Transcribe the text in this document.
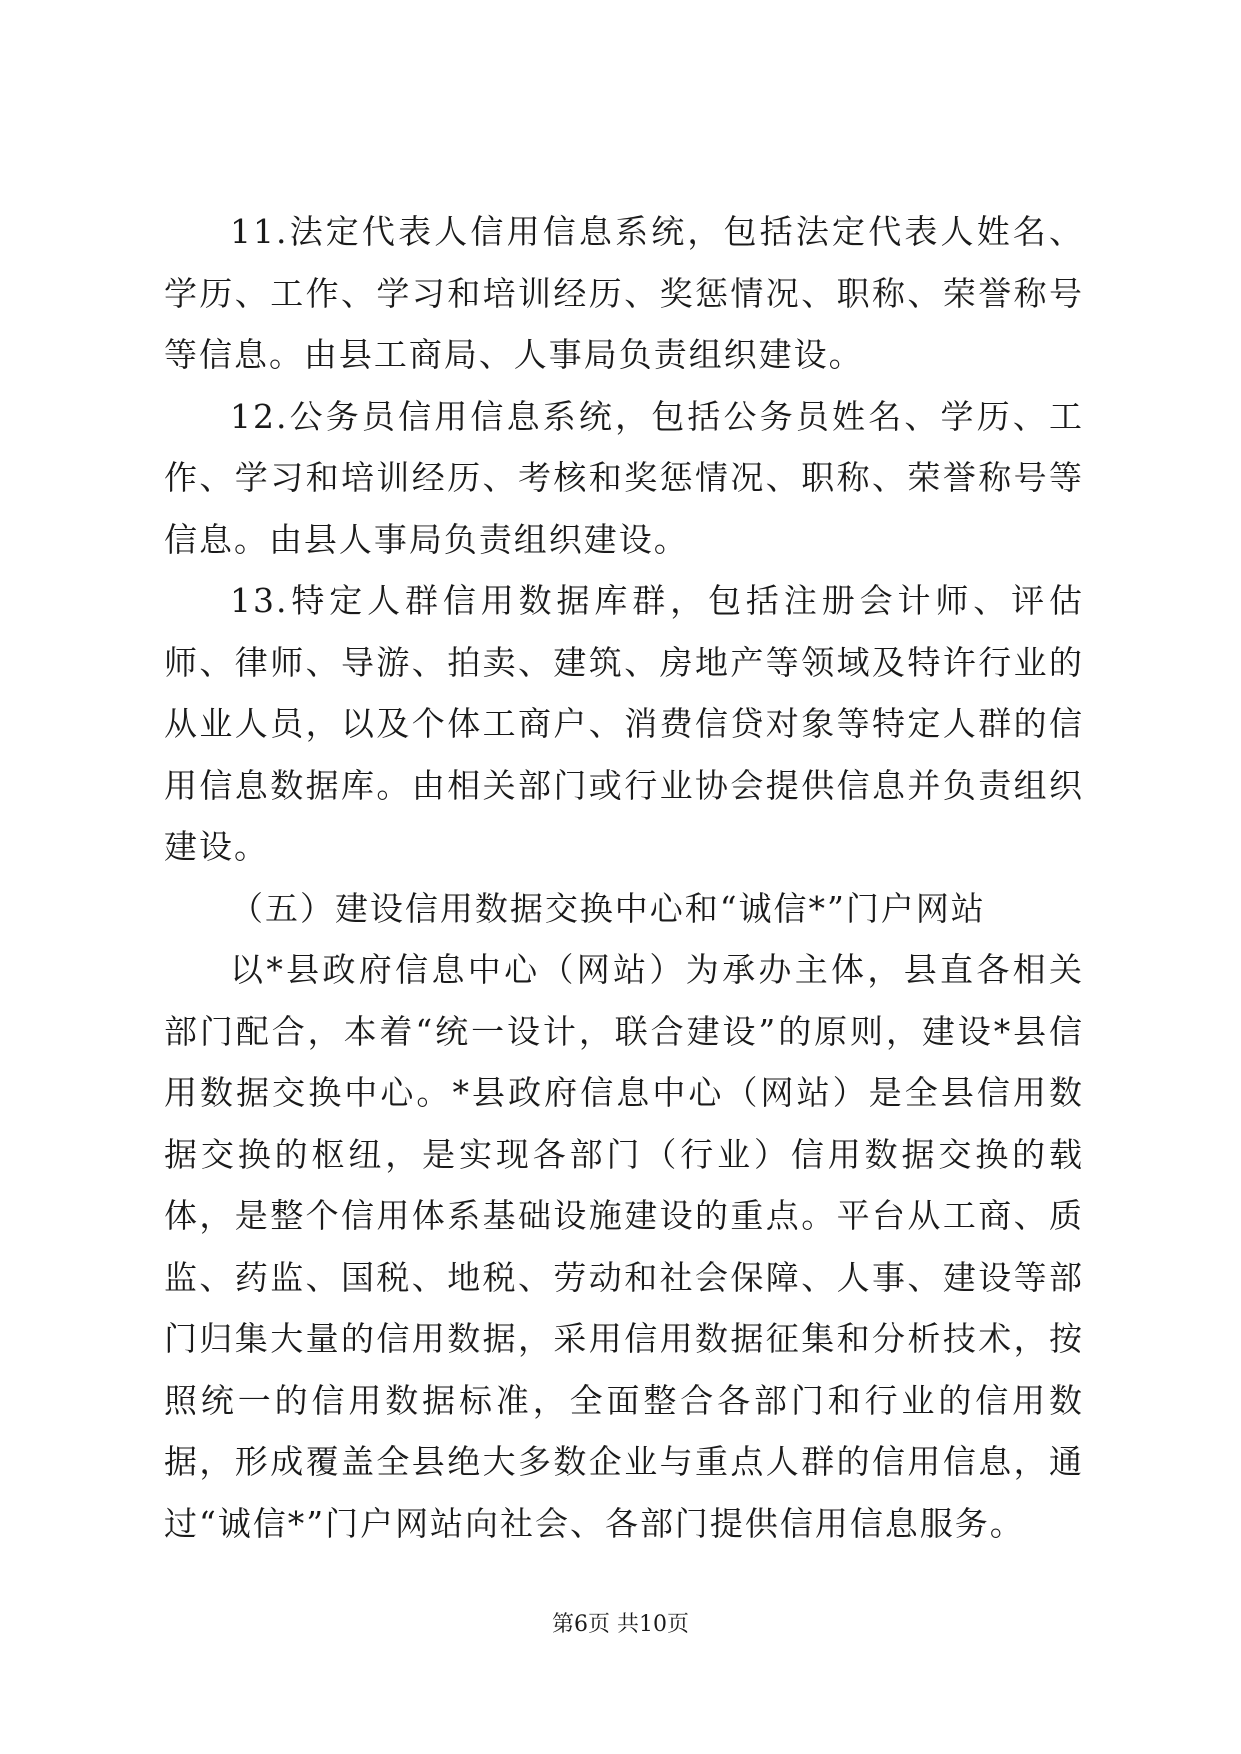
11.法定代表人信用信息系统，包括法定代表人姓名、学历、工作、学习和培训经历、奖惩情况、职称、荣誉称号等信息。由县工商局、人事局负责组织建设。

12.公务员信用信息系统，包括公务员姓名、学历、工作、学习和培训经历、考核和奖惩情况、职称、荣誉称号等信息。由县人事局负责组织建设。

13.特定人群信用数据库群，包括注册会计师、评估师、律师、导游、拍卖、建筑、房地产等领域及特许行业的从业人员，以及个体工商户、消费信贷对象等特定人群的信用信息数据库。由相关部门或行业协会提供信息并负责组织建设。

（五）建设信用数据交换中心和“诚信*”门户网站

以*县政府信息中心（网站）为承办主体，县直各相关部门配合，本着“统一设计，联合建设”的原则，建设*县信用数据交换中心。*县政府信息中心（网站）是全县信用数据交换的枢纽，是实现各部门（行业）信用数据交换的载体，是整个信用体系基础设施建设的重点。平台从工商、质监、药监、国税、地税、劳动和社会保障、人事、建设等部门归集大量的信用数据，采用信用数据征集和分析技术，按照统一的信用数据标准，全面整合各部门和行业的信用数据，形成覆盖全县绝大多数企业与重点人群的信用信息，通过“诚信*”门户网站向社会、各部门提供信用信息服务。

第6页 共10页
